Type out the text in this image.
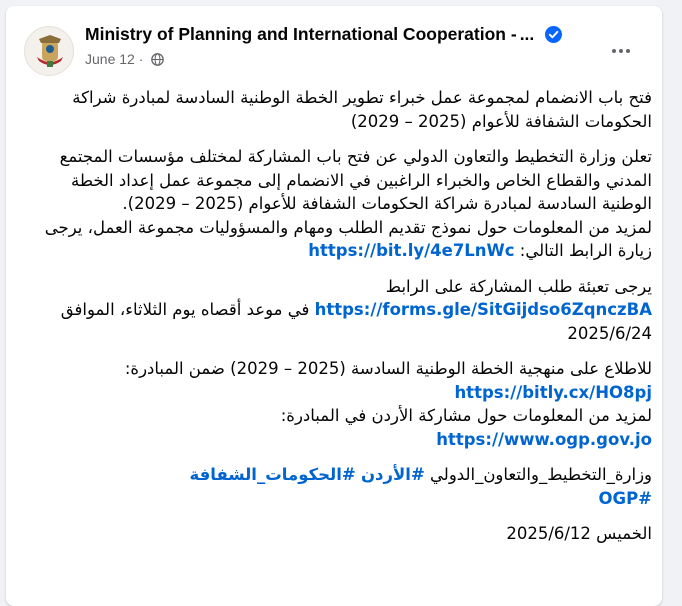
Ministry of Planning and International Cooperation - ...
June 12 ·

فتح باب الانضمام لمجموعة عمل خبراء تطوير الخطة الوطنية السادسة لمبادرة شراكة الحكومات الشفافة للأعوام (2025 – 2029)

تعلن وزارة التخطيط والتعاون الدولي عن فتح باب المشاركة لمختلف مؤسسات المجتمع المدني والقطاع الخاص والخبراء الراغبين في الانضمام إلى مجموعة عمل إعداد الخطة الوطنية السادسة لمبادرة شراكة الحكومات الشفافة للأعوام (2025 – 2029).

لمزيد من المعلومات حول نموذج تقديم الطلب ومهام والمسؤوليات مجموعة العمل، يرجى زيارة الرابط التالي: https://bit.ly/4e7LnWc

يرجى تعبئة طلب المشاركة على الرابط
https://forms.gle/SitGijdso6ZqnczBA في موعد أقصاه يوم الثلاثاء، الموافق 2025/6/24

للاطلاع على منهجية الخطة الوطنية السادسة (2025 – 2029) ضمن المبادرة:
https://bitly.cx/HO8pj
لمزيد من المعلومات حول مشاركة الأردن في المبادرة:
https://www.ogp.gov.jo

وزارة_التخطيط_والتعاون_الدولي #الأردن #الحكومات_الشفافة
#OGP

الخميس 2025/6/12
